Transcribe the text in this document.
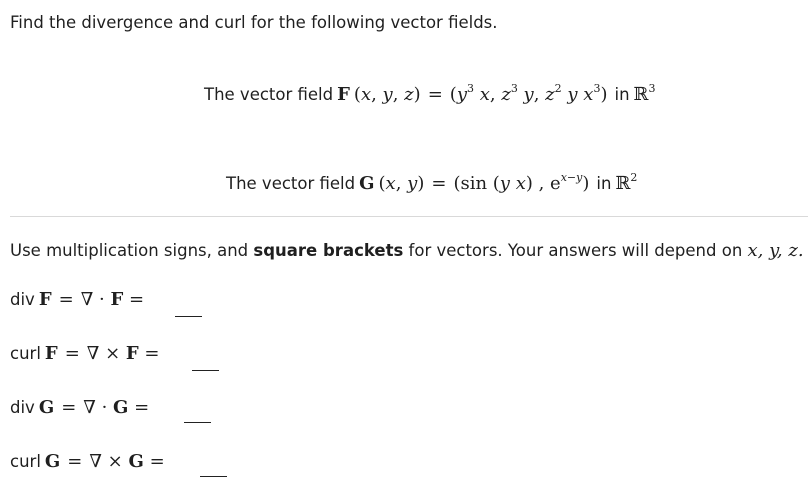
Find the divergence and curl for the following vector fields.
The vector field F (x, y, $z) = (y^3$ x, $z^3$ y, $z^2$ y $x^3$) in ℝ$^3$
The vector field G (x, y) = (sin (y x) , $e^{x-y}$) in ℝ$^2$
Use multiplication signs, and
square brackets
for vectors. Your answers will depend on
x, y, z.
div F = ∇ · F =
curl F = ∇ × F =
div G = ∇ · G =
curl G = ∇ × G =
